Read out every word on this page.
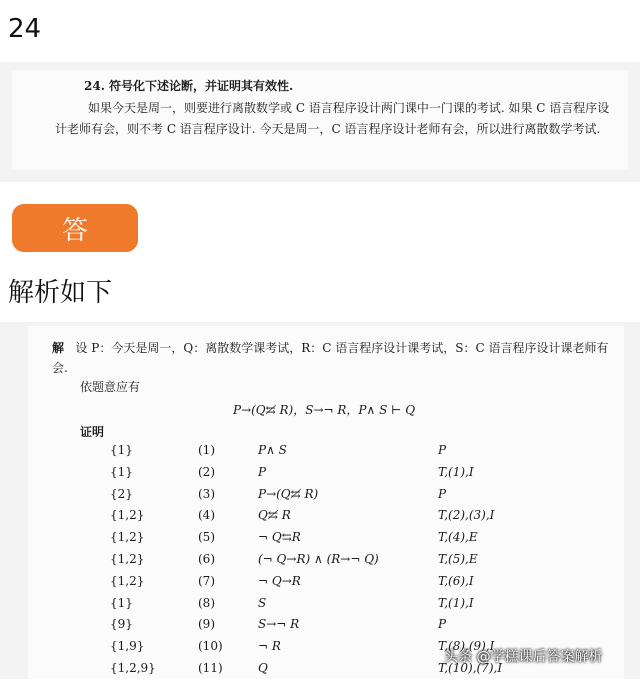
24
24. 符号化下述论断，并证明其有效性.
如果今天是周一，则要进行离散数学或 C 语言程序设计两门课中一门课的考试. 如果 C 语言程序设计老师有会，则不考 C 语言程序设计. 今天是周一，C 语言程序设计老师有会，所以进行离散数学考试.
答
解析如下
解 设 P：今天是周一，Q：离散数学课考试，R：C 语言程序设计课考试，S：C 语言程序设计课老师有会.
依题意应有
P→(Q⇆̸ R)，S→¬ R，P∧ S ⊢ Q
证明
{1}	(1)	P∧ S	P
{1}	(2)	P	T,(1),I
{2}	(3)	P→(Q⇆̸ R)	P
{1,2}	(4)	Q⇆̸ R	T,(2),(3),I
{1,2}	(5)	¬ Q⇆R	T,(4),E
{1,2}	(6)	(¬ Q→R) ∧ (R→¬ Q)	T,(5),E
{1,2}	(7)	¬ Q→R	T,(6),I
{1}	(8)	S	T,(1),I
{9}	(9)	S→¬ R	P
{1,9}	(10)	¬ R	T,(8),(9),I
{1,2,9}	(11)	Q	T,(10),(7),I
头条 @学糕课后答案解析
